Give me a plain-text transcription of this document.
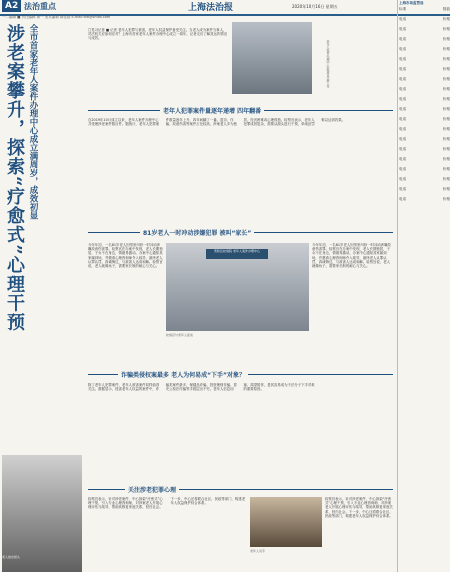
A2 法治重点	上海法治报	2020年10月16日 星期五
一二编辑 ■ 责任编辑 黄一 美术编辑 陈佳韵 E-mail:fzb@shfzb.com
涉老案攀升，探索“疗愈式”心理干预 全市首家老年人案件办理中心成立满周岁，成效初显	□见习记者 ■ 记者 老年人犯罪与被害，老年人权益保护备受关注。当老人成为案件当事人，司法机关应如何应对？上海市首家老年人案件办理中心成立一周年，记者走访了解其运作情况与成效。
老年人案件办理中心检察官开展工作
老年人犯罪案件量逐年递增 四年翻番
自2019年10月成立以来，老年人案件办理中心共受理涉老案件数百件。据统计，老年人犯罪案件数量逐年上升，四年间翻了一番。盗窃、诈骗、故意伤害等案件占比较高，涉案老人多为独居、经济困难或心理孤独。检察官表示，老年人犯罪成因复杂，需要从源头进行干预，单纯惩罚难以达到效果。
81岁老人一时冲动涉嫌犯罪 被叫“家长”
今年年初，一名81岁老人因邻里纠纷一时冲动涉嫌故意伤害罪。检察官在办案中发现，老人长期独居，子女不在身边，情绪易激动。办案中心通知其家属到场，并邀请心理咨询师介入疏导，最终老人认罪认罚，真诚悔过，与被害人达成和解。检察官说，老人就像孩子，需要家长般的耐心与关心。
普陀区检察院 老年人案件办理中心
检察官与老年人座谈
今年年初，一名81岁老人因邻里纠纷一时冲动涉嫌故意伤害罪。检察官在办案中发现，老人长期独居，子女不在身边，情绪易激动。办案中心通知其家属到场，并邀请心理咨询师介入疏导，最终老人认罪认罚，真诚悔过，与被害人达成和解。检察官说，老人就像孩子，需要家长般的耐心与关心。
诈骗类侵权案最多 老人为何易成“下手”对象？
除了老年人犯罪案件，老年人被害案件同样值得关注。数据显示，侵害老年人权益的案件中，诈骗类案件最多，保健品诈骗、投资理财诈骗、冒充公检法诈骗等手段层出不穷。老年人信息闭塞、渴望陪伴，是其容易成为不法分子下手对象的重要原因。
老人独坐街头
关注涉老犯罪心理
检察官表示，针对涉老案件，中心探索“疗愈式”心理干预，引入专业心理咨询师，对涉案老人开展心理评估与疏导，帮助其修复家庭关系、回归社会。下一步，中心还将联合社区、民政等部门，构建老年人权益保护综合体系。
老年人双手
检察官表示，针对涉老案件，中心探索“疗愈式”心理干预，引入专业心理咨询师，对涉案老人开展心理评估与疏导，帮助其修复家庭关系、回归社会。下一步，中心还将联合社区、民政等部门，构建老年人权益保护综合体系。
上海市场监管局
标准	数值
电话	价格
电话	价格
电话	价格
电话	价格
电话	价格
电话	价格
电话	价格
电话	价格
电话	价格
电话	价格
电话	价格
电话	价格
电话	价格
电话	价格
电话	价格
电话	价格
电话	价格
电话	价格
电话	价格
